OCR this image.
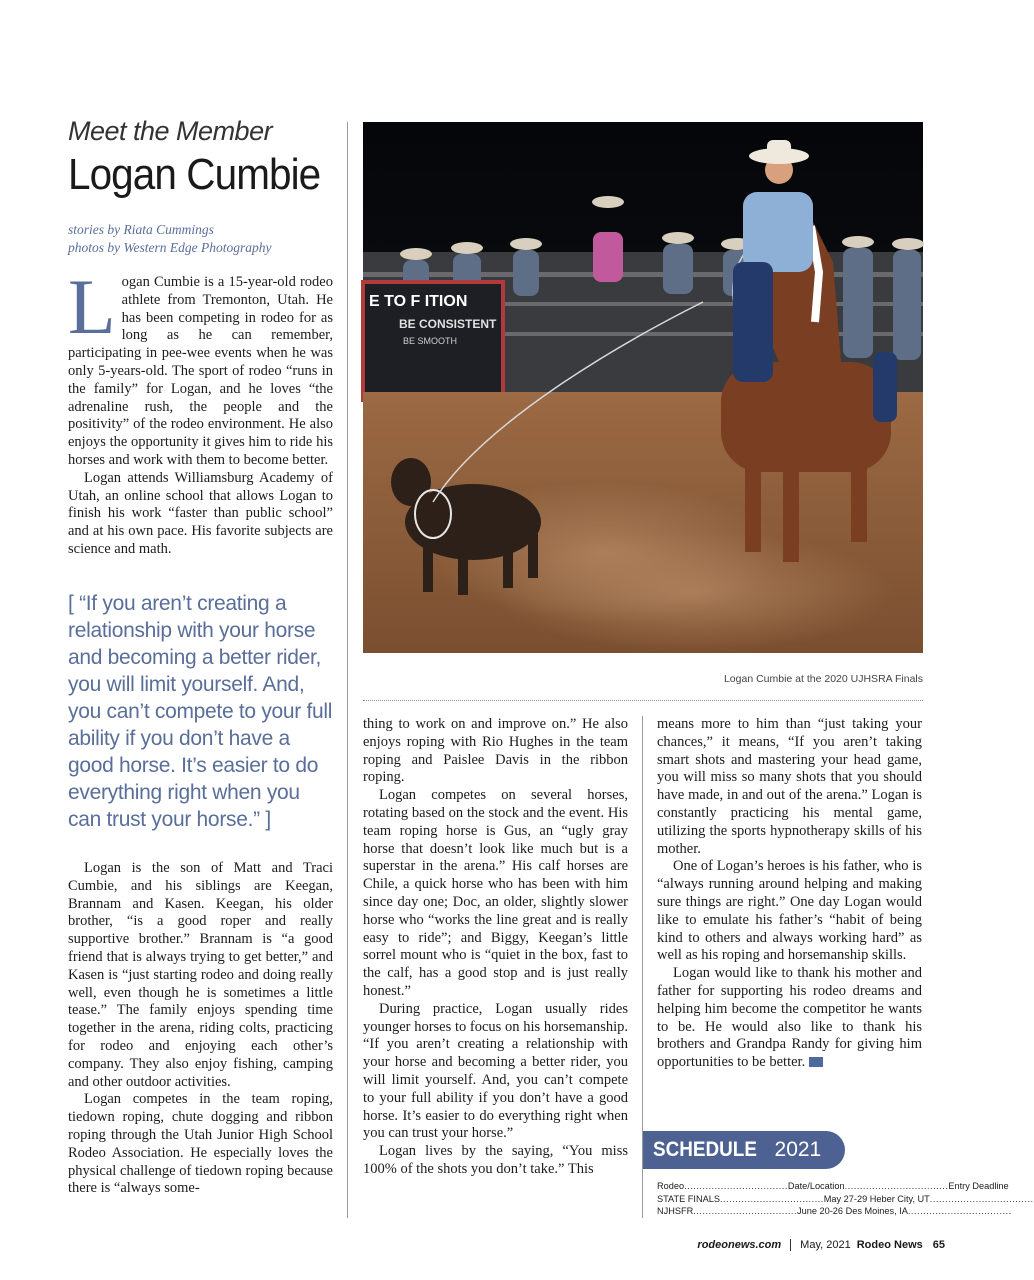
Meet the Member
Logan Cumbie
stories by Riata Cummings
photos by Western Edge Photography

Logan Cumbie is a 15-year-old rodeo athlete from Tremonton, Utah. He has been competing in rodeo for as long as he can remember, participating in pee-wee events when he was only 5-years-old. The sport of rodeo “runs in the family” for Logan, and he loves “the adrenaline rush, the people and the positivity” of the rodeo environment. He also enjoys the opportunity it gives him to ride his horses and work with them to become better.

Logan attends Williamsburg Academy of Utah, an online school that allows Logan to finish his work “faster than public school” and at his own pace. His favorite subjects are science and math.

[ “If you aren’t creating a relationship with your horse and becoming a better rider, you will limit yourself. And, you can’t compete to your full ability if you don’t have a good horse. It’s easier to do everything right when you can trust your horse.” ]

Logan is the son of Matt and Traci Cumbie, and his siblings are Keegan, Brannam and Kasen. Keegan, his older brother, “is a good roper and really supportive brother.” Brannam is “a good friend that is always trying to get better,” and Kasen is “just starting rodeo and doing really well, even though he is sometimes a little tease.” The family enjoys spending time together in the arena, riding colts, practicing for rodeo and enjoying each other’s company. They also enjoy fishing, camping and other outdoor activities.

Logan competes in the team roping, tiedown roping, chute dogging and ribbon roping through the Utah Junior High School Rodeo Association. He especially loves the physical challenge of tiedown roping because there is “always some-

E TO F ITION
BE CONSISTENT
BE SMOOTH
Logan Cumbie at the 2020 UJHSRA Finals

thing to work on and improve on.” He also enjoys roping with Rio Hughes in the team roping and Paislee Davis in the ribbon roping.

Logan competes on several horses, rotating based on the stock and the event. His team roping horse is Gus, an “ugly gray horse that doesn’t look like much but is a superstar in the arena.” His calf horses are Chile, a quick horse who has been with him since day one; Doc, an older, slightly slower horse who “works the line great and is really easy to ride”; and Biggy, Keegan’s little sorrel mount who is “quiet in the box, fast to the calf, has a good stop and is just really honest.”

During practice, Logan usually rides younger horses to focus on his horsemanship. “If you aren’t creating a relationship with your horse and becoming a better rider, you will limit yourself. And, you can’t compete to your full ability if you don’t have a good horse. It’s easier to do everything right when you can trust your horse.”

Logan lives by the saying, “You miss 100% of the shots you don’t take.” This

means more to him than “just taking your chances,” it means, “If you aren’t taking smart shots and mastering your head game, you will miss so many shots that you should have made, in and out of the arena.” Logan is constantly practicing his mental game, utilizing the sports hypnotherapy skills of his mother.

One of Logan’s heroes is his father, who is “always running around helping and making sure things are right.” One day Logan would like to emulate his father’s “habit of being kind to others and always working hard” as well as his roping and horsemanship skills.

Logan would like to thank his mother and father for supporting his rodeo dreams and helping him become the competitor he wants to be. He would also like to thank his brothers and Grandpa Randy for giving him opportunities to be better.

SCHEDULE 2021
Rodeo .................................. Date/Location .................................. Entry Deadline
STATE FINALS .................................. May 27-29 Heber City, UT ..................................
NJHSFR .................................. June 20-26 Des Moines, IA ..................................
rodeonews.com May, 2021 Rodeo News 65
